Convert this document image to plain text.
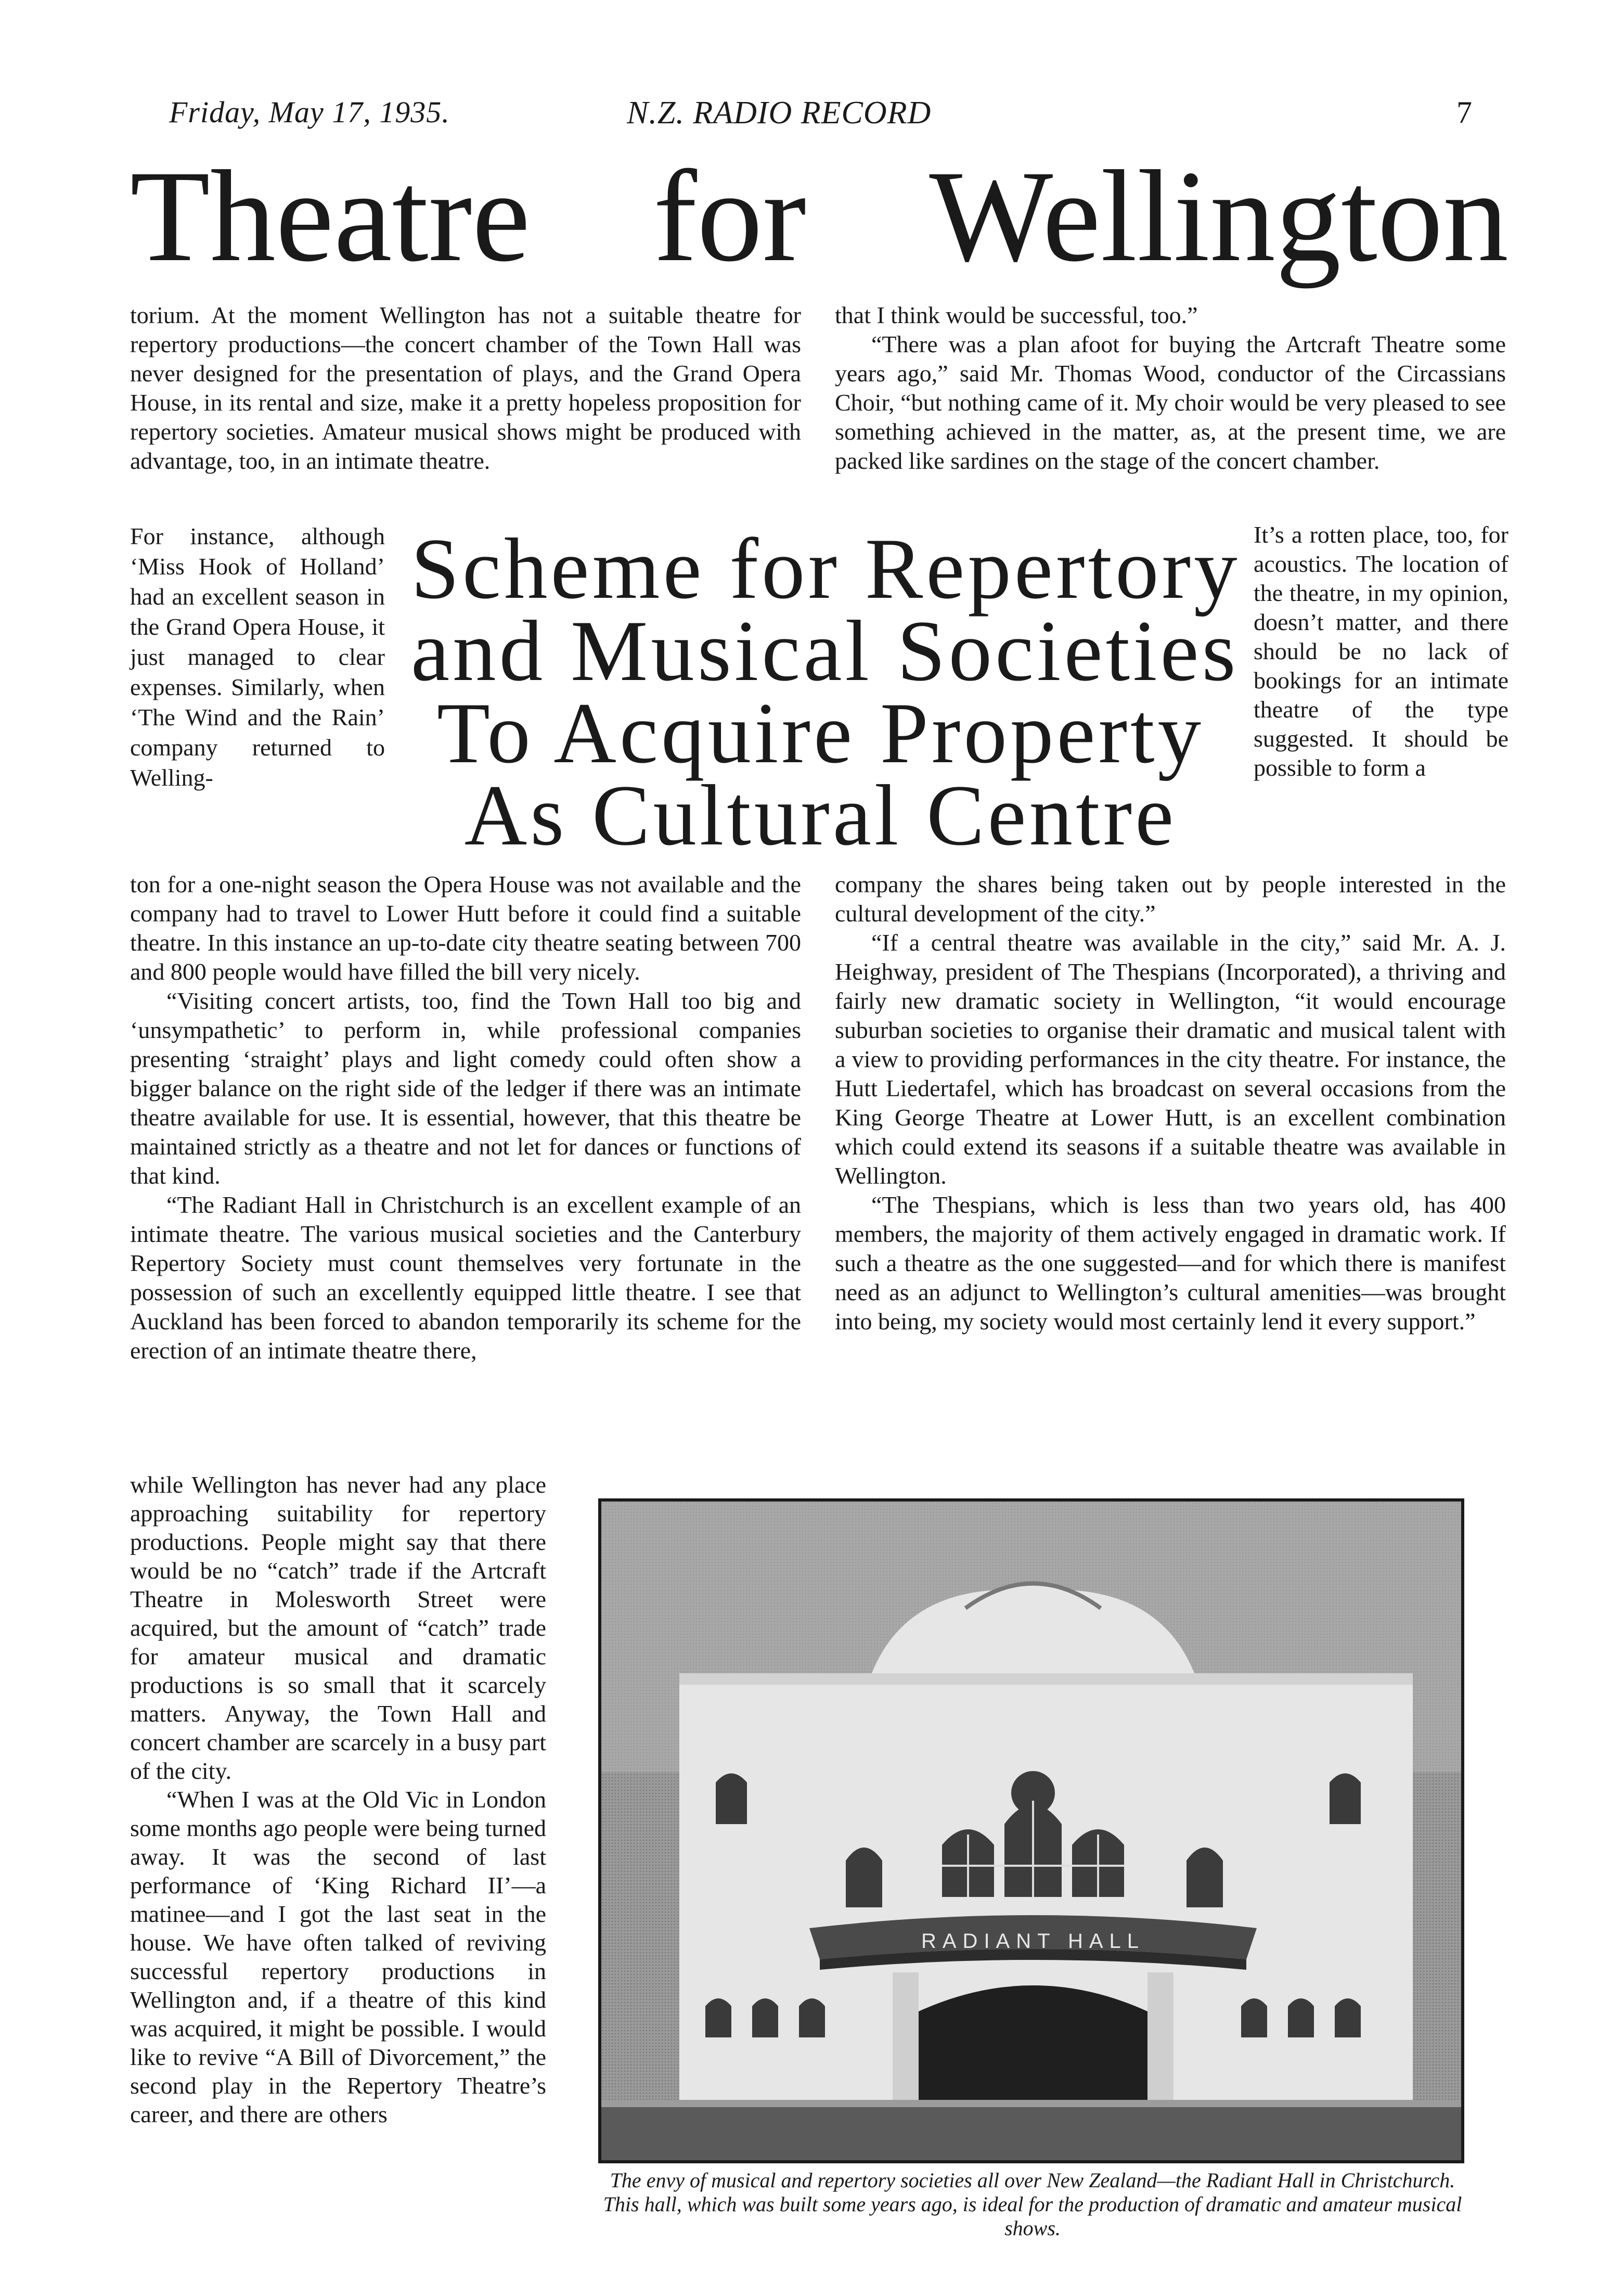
Friday, May 17, 1935.	N.Z. RADIO RECORD	7
Theatre for Wellington

torium. At the moment Wellington has not a suitable theatre for repertory productions—the concert chamber of the Town Hall was never designed for the presentation of plays, and the Grand Opera House, in its rental and size, make it a pretty hopeless proposition for repertory societies. Amateur musical shows might be produced with advantage, too, in an intimate theatre.

that I think would be successful, too.”

“There was a plan afoot for buying the Artcraft Theatre some years ago,” said Mr. Thomas Wood, conductor of the Circassians Choir, “but nothing came of it. My choir would be very pleased to see something achieved in the matter, as, at the present time, we are packed like sardines on the stage of the concert chamber.

For instance, although ‘Miss Hook of Holland’ had an excellent season in the Grand Opera House, it just managed to clear expenses. Similarly, when ‘The Wind and the Rain’ company returned to Welling-

Scheme for Repertory
and Musical Societies
To Acquire Property
As Cultural Centre

It’s a rotten place, too, for acoustics. The location of the theatre, in my opinion, doesn’t matter, and there should be no lack of bookings for an intimate theatre of the type suggested. It should be possible to form a

ton for a one-night season the Opera House was not available and the company had to travel to Lower Hutt before it could find a suitable theatre. In this instance an up-to-date city theatre seating between 700 and 800 people would have filled the bill very nicely.

“Visiting concert artists, too, find the Town Hall too big and ‘unsympathetic’ to perform in, while professional companies presenting ‘straight’ plays and light comedy could often show a bigger balance on the right side of the ledger if there was an intimate theatre available for use. It is essential, however, that this theatre be maintained strictly as a theatre and not let for dances or functions of that kind.

“The Radiant Hall in Christchurch is an excellent example of an intimate theatre. The various musical societies and the Canterbury Repertory Society must count themselves very fortunate in the possession of such an excellently equipped little theatre. I see that Auckland has been forced to abandon temporarily its scheme for the erection of an intimate theatre there,

company the shares being taken out by people interested in the cultural development of the city.”

“If a central theatre was available in the city,” said Mr. A. J. Heighway, president of The Thespians (Incorporated), a thriving and fairly new dramatic society in Wellington, “it would encourage suburban societies to organise their dramatic and musical talent with a view to providing performances in the city theatre. For instance, the Hutt Liedertafel, which has broadcast on several occasions from the King George Theatre at Lower Hutt, is an excellent combination which could extend its seasons if a suitable theatre was available in Wellington.

“The Thespians, which is less than two years old, has 400 members, the majority of them actively engaged in dramatic work. If such a theatre as the one suggested—and for which there is manifest need as an adjunct to Wellington’s cultural amenities—was brought into being, my society would most certainly lend it every support.”

while Wellington has never had any place approaching suitability for repertory productions. People might say that there would be no “catch” trade if the Artcraft Theatre in Molesworth Street were acquired, but the amount of “catch” trade for amateur musical and dramatic productions is so small that it scarcely matters. Anyway, the Town Hall and concert chamber are scarcely in a busy part of the city.

“When I was at the Old Vic in London some months ago people were being turned away. It was the second of last performance of ‘King Richard II’—a matinee—and I got the last seat in the house. We have often talked of reviving successful repertory productions in Wellington and, if a theatre of this kind was acquired, it might be possible. I would like to revive “A Bill of Divorcement,” the second play in the Repertory Theatre’s career, and there are others

RADIANT HALL
The envy of musical and repertory societies all over New Zealand—the Radiant Hall in Christchurch. This hall, which was built some years ago, is ideal for the production of dramatic and amateur musical shows.
